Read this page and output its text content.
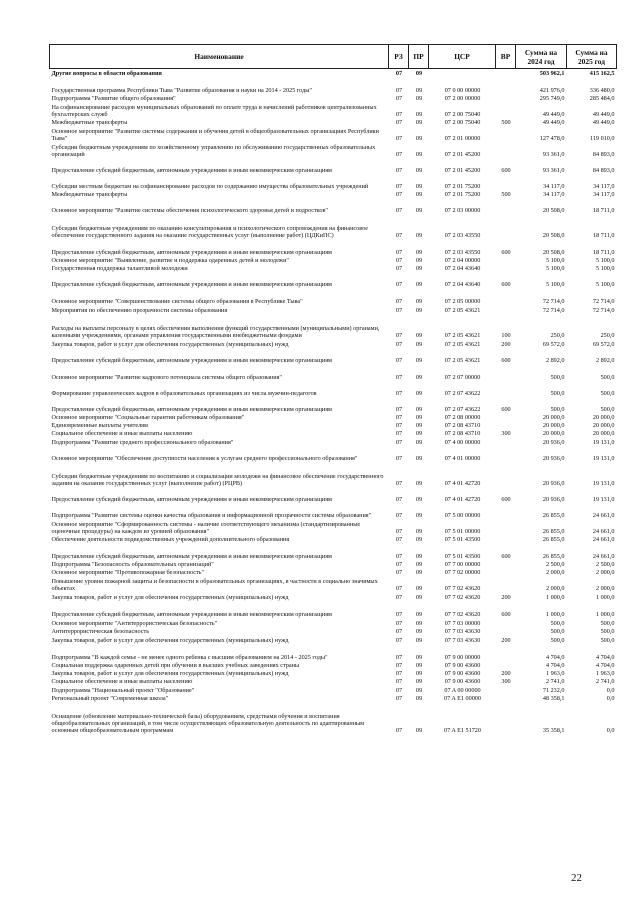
Наименование	РЗ	ПР	ЦСР	ВР	Сумма на 2024 год	Сумма на 2025 год
Другие вопросы в области образования	07	09			503 962,1	415 162,5
Государственная программа Республики Тыва "Развитие образования и науки на 2014 - 2025 годы"	07	09	07 0 00 00000		421 976,0	336 480,0
Подпрограмма "Развитие общего образования"	07	09	07 2 00 00000		295 749,0	285 484,0
На софинансирование расходов муниципальных образований по оплате труда и начислений работников централизованных бухгалтерских служб	07	09	07 2 00 75040		49 449,0	49 449,0
Межбюджетные трансферты	07	09	07 2 00 75040	500	49 449,0	49 449,0
Основное мероприятие "Развитие системы содержания и обучения детей в общеобразовательных организациях Республики Тыва"	07	09	07 2 01 00000		127 478,0	119 010,0
Субсидии бюджетным учреждениям по хозяйственному управлению по обслуживанию государственных образовательных организаций	07	09	07 2 01 45200		93 361,0	84 893,0
Предоставление субсидий бюджетным, автономным учреждениям и иным некоммерческим организациям	07	09	07 2 01 45200	600	93 361,0	84 893,0
Субсидии местным бюджетам на софинансирование расходов по содержанию имущества образовательных учреждений	07	09	07 2 01 75200		34 117,0	34 117,0
Межбюджетные трансферты	07	09	07 2 01 75200	500	34 117,0	34 117,0
Основное мероприятие "Развитие системы обеспечения психологического здоровья детей и подростков"	07	09	07 2 03 00000		20 508,0	18 711,0
Субсидии бюджетным учреждениям по оказанию консультирования и психологического сопровождения на финансовое обеспечение государственного задания на оказание государственных услуг (выполнение работ) (ЦДКиПС)	07	09	07 2 03 43550		20 508,0	18 711,0
Предоставление субсидий бюджетным, автономным учреждениям и иным некоммерческим организациям	07	09	07 2 03 43550	600	20 508,0	18 711,0
Основное мероприятие "Выявление, развитие и поддержка одаренных детей и молодежи"	07	09	07 2 04 00000		5 100,0	5 100,0
Государственная поддержка талантливой молодежи	07	09	07 2 04 43640		5 100,0	5 100,0
Предоставление субсидий бюджетным, автономным учреждениям и иным некоммерческим организациям	07	09	07 2 04 43640	600	5 100,0	5 100,0
Основное мероприятие "Совершенствование системы общего образования в Республике Тыва"	07	09	07 2 05 00000		72 714,0	72 714,0
Мероприятия по обеспечению прозрачности системы образования	07	09	07 2 05 43621		72 714,0	72 714,0
Расходы на выплаты персоналу в целях обеспечения выполнения функций государственными (муниципальными) органами, казенными учреждениями, органами управления государственными внебюджетными фондами	07	09	07 2 05 43621	100	250,0	250,0
Закупка товаров, работ и услуг для обеспечения государственных (муниципальных) нужд	07	09	07 2 05 43621	200	69 572,0	69 572,0
Предоставление субсидий бюджетным, автономным учреждениям и иным некоммерческим организациям	07	09	07 2 05 43621	600	2 892,0	2 892,0
Основное мероприятие "Развитие кадрового потенциала системы общего образования"	07	09	07 2 07 00000		500,0	500,0
Формирование управленческих кадров в образовательных организациях из числа мужчин-педагогов	07	09	07 2 07 43622		500,0	500,0
Предоставление субсидий бюджетным, автономным учреждениям и иным некоммерческим организациям	07	09	07 2 07 43622	600	500,0	500,0
Основное мероприятие "Социальные гарантии работникам образования"	07	09	07 2 08 00000		20 000,0	20 000,0
Единовременные выплаты учителям	07	09	07 2 08 43710		20 000,0	20 000,0
Социальное обеспечение и иные выплаты населению	07	09	07 2 08 43710	300	20 000,0	20 000,0
Подпрограмма "Развитие среднего профессионального образования"	07	09	07 4 00 00000		20 936,0	19 131,0
Основное мероприятие "Обеспечение доступности населения к услугам среднего профессионального образования"	07	09	07 4 01 00000		20 936,0	19 131,0
Субсидии бюджетным учреждениям по воспитанию и социализации молодежи на финансовое обеспечение государственного задания на оказание государственных услуг (выполнение работ) (РЦРВ)	07	09	07 4 01 42720		20 936,0	19 131,0
Предоставление субсидий бюджетным, автономным учреждениям и иным некоммерческим организациям	07	09	07 4 01 42720	600	20 936,0	19 131,0
Подпрограмма "Развитие системы оценки качества образования и информационной прозрачности системы образования"	07	09	07 5 00 00000		26 855,0	24 661,0
Основное мероприятие "Сформированность системы - наличие соответствующего механизма (стандартизированные оценочные процедуры) на каждом из уровней образования"	07	09	07 5 01 00000		26 855,0	24 661,0
Обеспечение деятельности подведомственных учреждений дополнительного образования	07	09	07 5 01 43500		26 855,0	24 661,0
Предоставление субсидий бюджетным, автономным учреждениям и иным некоммерческим организациям	07	09	07 5 01 43500	600	26 855,0	24 661,0
Подпрограмма "Безопасность образовательных организаций"	07	09	07 7 00 00000		2 500,0	2 500,0
Основное мероприятие "Противопожарная безопасность"	07	09	07 7 02 00000		2 000,0	2 000,0
Повышение уровня пожарной защиты и безопасности в образовательных организациях, в частности в социально значимых объектах	07	09	07 7 02 43620		2 000,0	2 000,0
Закупка товаров, работ и услуг для обеспечения государственных (муниципальных) нужд	07	09	07 7 02 43620	200	1 000,0	1 000,0
Предоставление субсидий бюджетным, автономным учреждениям и иным некоммерческим организациям	07	09	07 7 02 43620	600	1 000,0	1 000,0
Основное мероприятие "Антитеррористическая безопасность"	07	09	07 7 03 00000		500,0	500,0
Антитеррористическая безопасность	07	09	07 7 03 43630		500,0	500,0
Закупка товаров, работ и услуг для обеспечения государственных (муниципальных) нужд	07	09	07 7 03 43630	200	500,0	500,0
Подпрограмма "В каждой семье - не менее одного ребенка с высшим образованием на 2014 - 2025 годы"	07	09	07 9 00 00000		4 704,0	4 704,0
Социальная поддержка одаренных детей при обучении в высших учебных заведениях страны	07	09	07 9 00 43600		4 704,0	4 704,0
Закупка товаров, работ и услуг для обеспечения государственных (муниципальных) нужд	07	09	07 9 00 43600	200	1 963,0	1 963,0
Социальное обеспечение и иные выплаты населению	07	09	07 9 00 43600	300	2 741,0	2 741,0
Подпрограмма "Национальный проект "Образование"	07	09	07 A 00 00000		71 232,0	0,0
Региональный проект "Современная школа"	07	09	07 A E1 00000		48 358,1	0,0
Оснащение (обновление материально-технической базы) оборудованием, средствами обучения и воспитания общеобразовательных организаций, в том числе осуществляющих образовательную деятельность по адаптированным основным общеобразовательным программам	07	09	07 A E1 51720		35 358,1	0,0
22
